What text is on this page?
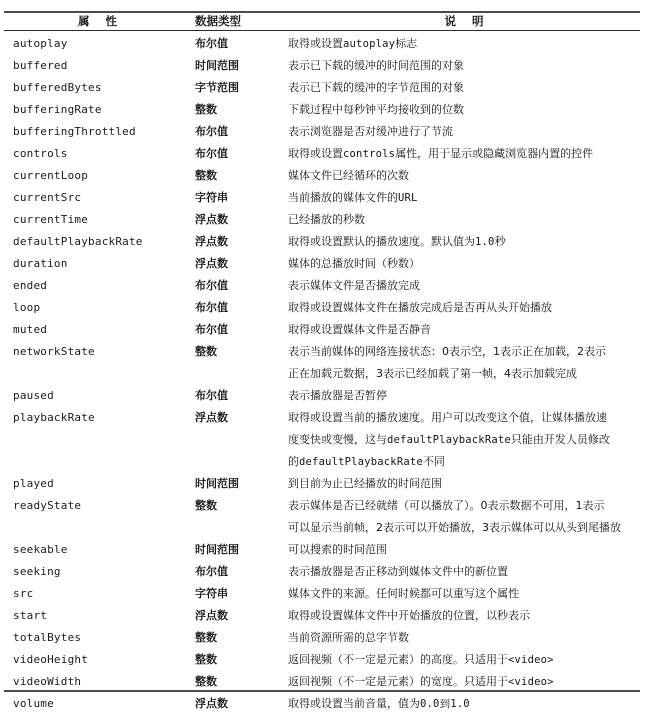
属 性	数据类型	说 明
autoplay	布尔值	取得或设置autoplay标志
buffered	时间范围	表示已下载的缓冲的时间范围的对象
bufferedBytes	字节范围	表示已下载的缓冲的字节范围的对象
bufferingRate	整数	下载过程中每秒钟平均接收到的位数
bufferingThrottled	布尔值	表示浏览器是否对缓冲进行了节流
controls	布尔值	取得或设置controls属性，用于显示或隐藏浏览器内置的控件
currentLoop	整数	媒体文件已经循环的次数
currentSrc	字符串	当前播放的媒体文件的URL
currentTime	浮点数	已经播放的秒数
defaultPlaybackRate	浮点数	取得或设置默认的播放速度。默认值为1.0秒
duration	浮点数	媒体的总播放时间（秒数）
ended	布尔值	表示媒体文件是否播放完成
loop	布尔值	取得或设置媒体文件在播放完成后是否再从头开始播放
muted	布尔值	取得或设置媒体文件是否静音
networkState	整数	表示当前媒体的网络连接状态：0表示空，1表示正在加载，2表示
正在加载元数据，3表示已经加载了第一帧，4表示加载完成
paused	布尔值	表示播放器是否暂停
playbackRate	浮点数	取得或设置当前的播放速度。用户可以改变这个值，让媒体播放速
度变快或变慢，这与defaultPlaybackRate只能由开发人员修改
的defaultPlaybackRate不同
played	时间范围	到目前为止已经播放的时间范围
readyState	整数	表示媒体是否已经就绪（可以播放了）。0表示数据不可用，1表示
可以显示当前帧，2表示可以开始播放，3表示媒体可以从头到尾播放
seekable	时间范围	可以搜索的时间范围
seeking	布尔值	表示播放器是否正移动到媒体文件中的新位置
src	字符串	媒体文件的来源。任何时候都可以重写这个属性
start	浮点数	取得或设置媒体文件中开始播放的位置，以秒表示
totalBytes	整数	当前资源所需的总字节数
videoHeight	整数	返回视频（不一定是元素）的高度。只适用于<video>
videoWidth	整数	返回视频（不一定是元素）的宽度。只适用于<video>
volume	浮点数	取得或设置当前音量，值为0.0到1.0
